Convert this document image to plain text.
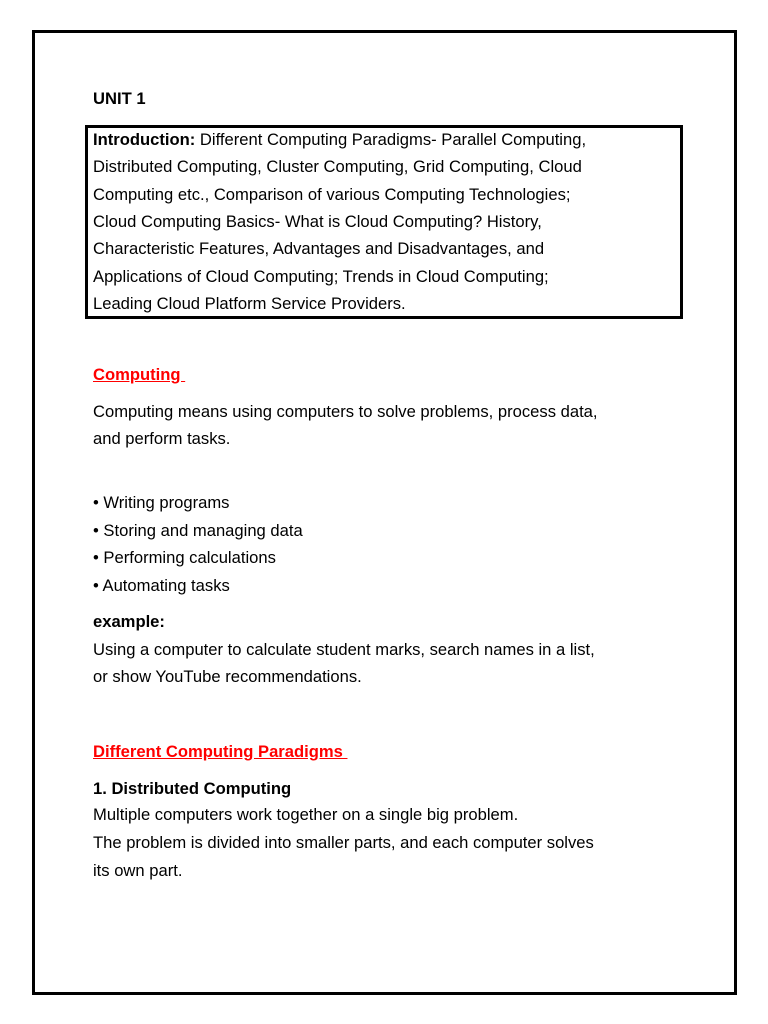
UNIT 1
Introduction: Different Computing Paradigms- Parallel Computing,
Distributed Computing, Cluster Computing, Grid Computing, Cloud
Computing etc., Comparison of various Computing Technologies;
Cloud Computing Basics- What is Cloud Computing? History,
Characteristic Features, Advantages and Disadvantages, and
Applications of Cloud Computing; Trends in Cloud Computing;
Leading Cloud Platform Service Providers.
Computing
Computing means using computers to solve problems, process data,
and perform tasks.
• Writing programs
• Storing and managing data
• Performing calculations
• Automating tasks
example:
Using a computer to calculate student marks, search names in a list,
or show YouTube recommendations.
Different Computing Paradigms
1. Distributed Computing
Multiple computers work together on a single big problem.
The problem is divided into smaller parts, and each computer solves
its own part.
